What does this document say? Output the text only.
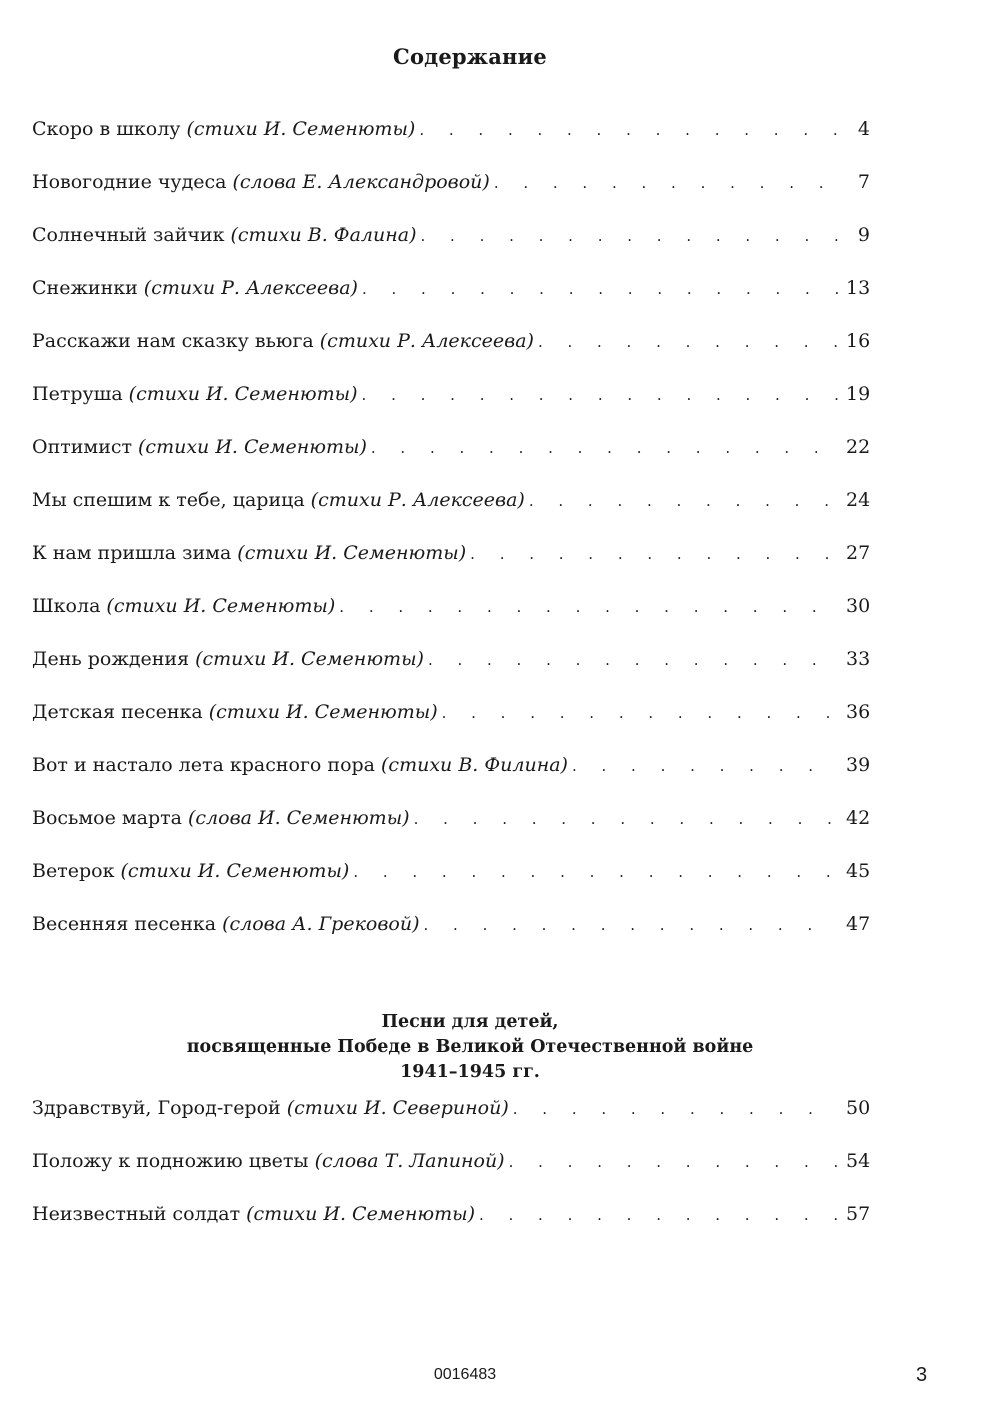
Содержание
Скоро в школу (стихи И. Семенюты) . . .	4
Новогодние чудеса (слова Е. Александровой) . . .	7
Солнечный зайчик (стихи В. Фалина) . . .	9
Снежинки (стихи Р. Алексеева) . . .	13
Расскажи нам сказку вьюга (стихи Р. Алексеева) . . .	16
Петруша (стихи И. Семенюты) . . .	19
Оптимист (стихи И. Семенюты) . . .	22
Мы спешим к тебе, царица (стихи Р. Алексеева) . . .	24
К нам пришла зима (стихи И. Семенюты) . . .	27
Школа (стихи И. Семенюты) . . .	30
День рождения (стихи И. Семенюты) . . .	33
Детская песенка (стихи И. Семенюты) . . .	36
Вот и настало лета красного пора (стихи В. Филина) . . .	39
Восьмое марта (слова И. Семенюты) . . .	42
Ветерок (стихи И. Семенюты) . . .	45
Весенняя песенка (слова А. Грековой) . . .	47
Песни для детей,
посвященные Победе в Великой Отечественной войне
1941–1945 гг.
Здравствуй, Город-герой (стихи И. Севериной) . . .	50
Положу к подножию цветы (слова Т. Лапиной) . . .	54
Неизвестный солдат (стихи И. Семенюты) . . .	57
0016483	3
